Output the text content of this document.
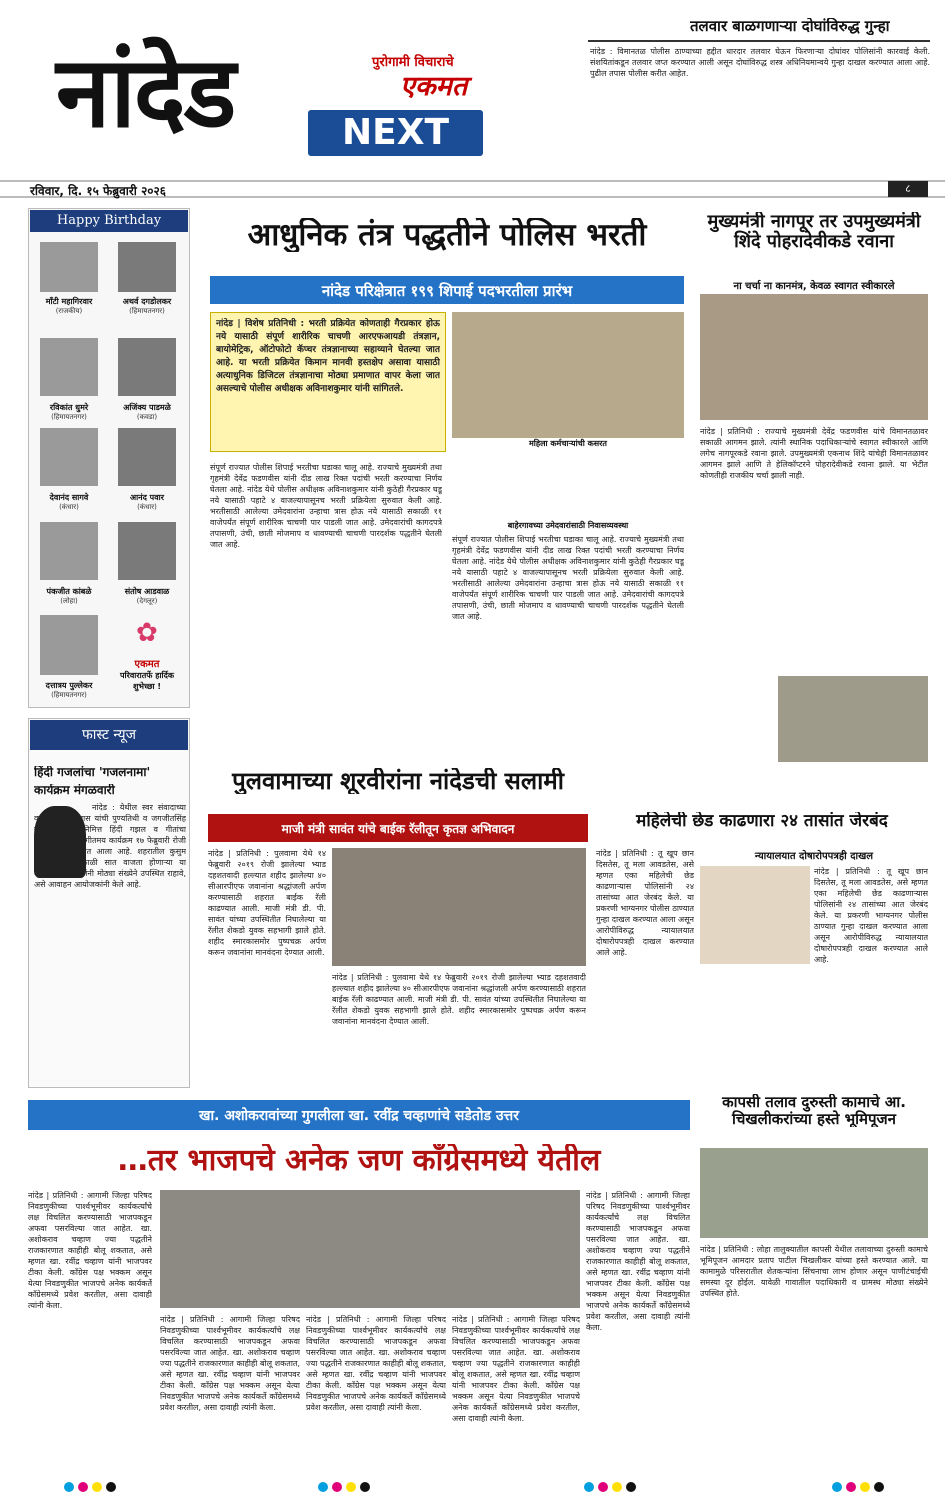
नांदेड	पुरोगामी विचाराचे
एकमत
NEXT
तलवार बाळगणाऱ्या दोघांविरुद्ध गुन्हा
नांदेड : विमानतळ पोलीस ठाण्याच्या हद्दीत धारदार तलवार घेऊन फिरणाऱ्या दोघांवर पोलिसांनी कारवाई केली. संशयितांकडून तलवार जप्त करण्यात आली असून दोघांविरुद्ध शस्त्र अधिनियमान्वये गुन्हा दाखल करण्यात आला आहे. पुढील तपास पोलीस करीत आहेत.
रविवार, दि. १५ फेब्रुवारी २०२६	८
Happy Birthday
माँटी महागिरवार
(राजकीय)
अथर्व दगडोलकर
(हिमायतनगर)
रविकांत धुमरे
(हिमायतनगर)
अजिंक्य पाडमळे
(कवडा)
देवानंद सागवे
(कंधार)
आनंद पवार
(कंधार)
पंकजीत कांबळे
(लोहा)
संतोष आडवाळ
(देगलूर)
दत्तात्रय पुल्लेकर
(हिमायतनगर)
✿
एकमत
परिवारातर्फे हार्दिक शुभेच्छा !
फास्ट न्यूज
हिंदी गजलांचा 'गजलनामा'
कार्यक्रम मंगळवारी
नांदेड : येथील स्वर संवादाच्या वतीने पंकज उधास यांची पुण्यतिथी व जगजीतसिंह यांच्या जयंती निमित्त हिंदी गझल व गीतांचा 'गजलनामा' हा संगीतमय कार्यक्रम १७ फेब्रुवारी रोजी आयोजित करण्यात आला आहे. शहरातील कुसुम सभागृहात सायंकाळी सात वाजता होणाऱ्या या कार्यक्रमास रसिकांनी मोठ्या संख्येने उपस्थित राहावे, असे आवाहन आयोजकांनी केले आहे.
आधुनिक तंत्र पद्धतीने पोलिस भरती
नांदेड परिक्षेत्रात १९९ शिपाई पदभरतीला प्रारंभ
नांदेड | विशेष प्रतिनिधी : भरती प्रक्रियेत कोणताही गैरप्रकार होऊ नये यासाठी संपूर्ण शारीरिक चाचणी आरएफआयडी तंत्रज्ञान, बायोमेट्रिक, ऑटोफोटो कॅप्चर तंत्रज्ञानाच्या सहाय्याने घेतल्या जात आहे. या भरती प्रक्रियेत किमान मानवी हस्तक्षेप असावा यासाठी अत्याधुनिक डिजिटल तंत्रज्ञानाचा मोठ्या प्रमाणात वापर केला जात असल्याचे पोलीस अधीक्षक अविनाशकुमार यांनी सांगितले.
महिला कर्मचाऱ्यांची कसरत
संपूर्ण राज्यात पोलीस शिपाई भरतीचा घडाका चालू आहे. राज्याचे मुख्यमंत्री तथा गृहमंत्री देवेंद्र फडणवीस यांनी दीड लाख रिक्त पदांची भरती करण्याचा निर्णय घेतला आहे. नांदेड येथे पोलीस अधीक्षक अविनाशकुमार यांनी कुठेही गैरप्रकार घडू नये यासाठी पहाटे ४ वाजल्यापासूनच भरती प्रक्रियेला सुरुवात केली आहे. भरतीसाठी आलेल्या उमेदवारांना उन्हाचा त्रास होऊ नये यासाठी सकाळी ११ वाजेपर्यंत संपूर्ण शारीरिक चाचणी पार पाडली जात आहे. उमेदवारांची कागदपत्रे तपासणी, उंची, छाती मोजमाप व धावण्याची चाचणी पारदर्शक पद्धतीने घेतली जात आहे.
बाहेरगावच्या उमेदवारांसाठी निवासव्यवस्था
संपूर्ण राज्यात पोलीस शिपाई भरतीचा घडाका चालू आहे. राज्याचे मुख्यमंत्री तथा गृहमंत्री देवेंद्र फडणवीस यांनी दीड लाख रिक्त पदांची भरती करण्याचा निर्णय घेतला आहे. नांदेड येथे पोलीस अधीक्षक अविनाशकुमार यांनी कुठेही गैरप्रकार घडू नये यासाठी पहाटे ४ वाजल्यापासूनच भरती प्रक्रियेला सुरुवात केली आहे. भरतीसाठी आलेल्या उमेदवारांना उन्हाचा त्रास होऊ नये यासाठी सकाळी ११ वाजेपर्यंत संपूर्ण शारीरिक चाचणी पार पाडली जात आहे. उमेदवारांची कागदपत्रे तपासणी, उंची, छाती मोजमाप व धावण्याची चाचणी पारदर्शक पद्धतीने घेतली जात आहे.
मुख्यमंत्री नागपूर तर उपमुख्यमंत्री शिंदे पोहरादेवीकडे रवाना
ना चर्चा ना कानमंत्र, केवळ स्वागत स्वीकारले
नांदेड | प्रतिनिधी : राज्याचे मुख्यमंत्री देवेंद्र फडणवीस यांचे विमानतळावर सकाळी आगमन झाले. त्यांनी स्थानिक पदाधिकाऱ्यांचे स्वागत स्वीकारले आणि लगेच नागपूरकडे रवाना झाले. उपमुख्यमंत्री एकनाथ शिंदे यांचेही विमानतळावर आगमन झाले आणि ते हेलिकॉप्टरने पोहरादेवीकडे रवाना झाले. या भेटीत कोणतीही राजकीय चर्चा झाली नाही.
पुलवामाच्या शूरवीरांना नांदेडची सलामी
माजी मंत्री सावंत यांचे बाईक रॅलीतून कृतज्ञ अभिवादन
नांदेड | प्रतिनिधी : पुलवामा येथे १४ फेब्रुवारी २०१९ रोजी झालेल्या भ्याड दहशतवादी हल्ल्यात शहीद झालेल्या ४० सीआरपीएफ जवानांना श्रद्धांजली अर्पण करण्यासाठी शहरात बाईक रॅली काढण्यात आली. माजी मंत्री डी. पी. सावंत यांच्या उपस्थितीत निघालेल्या या रॅलीत शेकडो युवक सहभागी झाले होते. शहीद स्मारकासमोर पुष्पचक्र अर्पण करून जवानांना मानवंदना देण्यात आली.
नांदेड | प्रतिनिधी : पुलवामा येथे १४ फेब्रुवारी २०१९ रोजी झालेल्या भ्याड दहशतवादी हल्ल्यात शहीद झालेल्या ४० सीआरपीएफ जवानांना श्रद्धांजली अर्पण करण्यासाठी शहरात बाईक रॅली काढण्यात आली. माजी मंत्री डी. पी. सावंत यांच्या उपस्थितीत निघालेल्या या रॅलीत शेकडो युवक सहभागी झाले होते. शहीद स्मारकासमोर पुष्पचक्र अर्पण करून जवानांना मानवंदना देण्यात आली.
महिलेची छेड काढणारा २४ तासांत जेरबंद
न्यायालयात दोषारोपपत्रही दाखल
नांदेड | प्रतिनिधी : तू खूप छान दिसतेस, तू मला आवडतेस, असे म्हणत एका महिलेची छेड काढणाऱ्यास पोलिसांनी २४ तासांच्या आत जेरबंद केले. या प्रकरणी भाग्यनगर पोलीस ठाण्यात गुन्हा दाखल करण्यात आला असून आरोपीविरुद्ध न्यायालयात दोषारोपपत्रही दाखल करण्यात आले आहे.
नांदेड | प्रतिनिधी : तू खूप छान दिसतेस, तू मला आवडतेस, असे म्हणत एका महिलेची छेड काढणाऱ्यास पोलिसांनी २४ तासांच्या आत जेरबंद केले. या प्रकरणी भाग्यनगर पोलीस ठाण्यात गुन्हा दाखल करण्यात आला असून आरोपीविरुद्ध न्यायालयात दोषारोपपत्रही दाखल करण्यात आले आहे.
खा. अशोकरावांच्या गुगलीला खा. रवींद्र चव्हाणांचे सडेतोड उत्तर
…तर भाजपचे अनेक जण काँग्रेसमध्ये येतील
नांदेड | प्रतिनिधी : आगामी जिल्हा परिषद निवडणुकीच्या पार्श्वभूमीवर कार्यकर्त्यांचे लक्ष विचलित करण्यासाठी भाजपकडून अफवा पसरविल्या जात आहेत. खा. अशोकराव चव्हाण ज्या पद्धतीने राजकारणात काहीही बोलू शकतात, असे म्हणत खा. रवींद्र चव्हाण यांनी भाजपवर टीका केली. काँग्रेस पक्ष भक्कम असून येत्या निवडणुकीत भाजपचे अनेक कार्यकर्ते काँग्रेसमध्ये प्रवेश करतील, असा दावाही त्यांनी केला.
नांदेड | प्रतिनिधी : आगामी जिल्हा परिषद निवडणुकीच्या पार्श्वभूमीवर कार्यकर्त्यांचे लक्ष विचलित करण्यासाठी भाजपकडून अफवा पसरविल्या जात आहेत. खा. अशोकराव चव्हाण ज्या पद्धतीने राजकारणात काहीही बोलू शकतात, असे म्हणत खा. रवींद्र चव्हाण यांनी भाजपवर टीका केली. काँग्रेस पक्ष भक्कम असून येत्या निवडणुकीत भाजपचे अनेक कार्यकर्ते काँग्रेसमध्ये प्रवेश करतील, असा दावाही त्यांनी केला.
नांदेड | प्रतिनिधी : आगामी जिल्हा परिषद निवडणुकीच्या पार्श्वभूमीवर कार्यकर्त्यांचे लक्ष विचलित करण्यासाठी भाजपकडून अफवा पसरविल्या जात आहेत. खा. अशोकराव चव्हाण ज्या पद्धतीने राजकारणात काहीही बोलू शकतात, असे म्हणत खा. रवींद्र चव्हाण यांनी भाजपवर टीका केली. काँग्रेस पक्ष भक्कम असून येत्या निवडणुकीत भाजपचे अनेक कार्यकर्ते काँग्रेसमध्ये प्रवेश करतील, असा दावाही त्यांनी केला.
नांदेड | प्रतिनिधी : आगामी जिल्हा परिषद निवडणुकीच्या पार्श्वभूमीवर कार्यकर्त्यांचे लक्ष विचलित करण्यासाठी भाजपकडून अफवा पसरविल्या जात आहेत. खा. अशोकराव चव्हाण ज्या पद्धतीने राजकारणात काहीही बोलू शकतात, असे म्हणत खा. रवींद्र चव्हाण यांनी भाजपवर टीका केली. काँग्रेस पक्ष भक्कम असून येत्या निवडणुकीत भाजपचे अनेक कार्यकर्ते काँग्रेसमध्ये प्रवेश करतील, असा दावाही त्यांनी केला.
नांदेड | प्रतिनिधी : आगामी जिल्हा परिषद निवडणुकीच्या पार्श्वभूमीवर कार्यकर्त्यांचे लक्ष विचलित करण्यासाठी भाजपकडून अफवा पसरविल्या जात आहेत. खा. अशोकराव चव्हाण ज्या पद्धतीने राजकारणात काहीही बोलू शकतात, असे म्हणत खा. रवींद्र चव्हाण यांनी भाजपवर टीका केली. काँग्रेस पक्ष भक्कम असून येत्या निवडणुकीत भाजपचे अनेक कार्यकर्ते काँग्रेसमध्ये प्रवेश करतील, असा दावाही त्यांनी केला.
कापसी तलाव दुरुस्ती कामाचे आ. चिखलीकरांच्या हस्ते भूमिपूजन
नांदेड | प्रतिनिधी : लोहा तालुक्यातील कापसी येथील तलावाच्या दुरुस्ती कामाचे भूमिपूजन आमदार प्रताप पाटील चिखलीकर यांच्या हस्ते करण्यात आले. या कामामुळे परिसरातील शेतकऱ्यांना सिंचनाचा लाभ होणार असून पाणीटंचाईची समस्या दूर होईल. यावेळी गावातील पदाधिकारी व ग्रामस्थ मोठ्या संख्येने उपस्थित होते.
